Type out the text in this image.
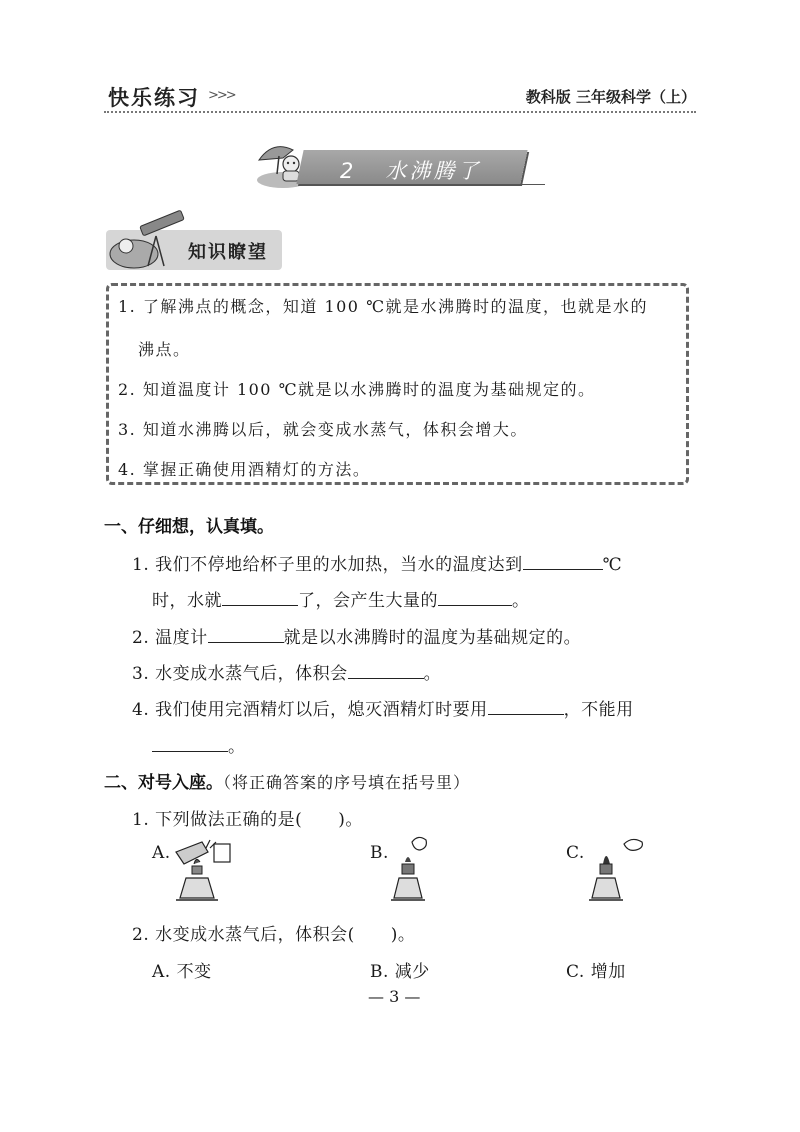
快乐练习 >>>	教科版 三年级科学（上）
2 水沸腾了
知识瞭望
1. 了解沸点的概念，知道 100 ℃就是水沸腾时的温度，也就是水的
沸点。
2. 知道温度计 100 ℃就是以水沸腾时的温度为基础规定的。
3. 知道水沸腾以后，就会变成水蒸气，体积会增大。
4. 掌握正确使用酒精灯的方法。
一、仔细想，认真填。
1. 我们不停地给杯子里的水加热，当水的温度达到	℃
时，水就	了，会产生大量的	。
2. 温度计	就是以水沸腾时的温度为基础规定的。
3. 水变成水蒸气后，体积会	。
4. 我们使用完酒精灯以后，熄灭酒精灯时要用	，不能用
。
二、对号入座。（将正确答案的序号填在括号里）
1. 下列做法正确的是( )。
A.	B.	C.
2. 水变成水蒸气后，体积会( )。
A. 不变	B. 减少	C. 增加
— 3 —
